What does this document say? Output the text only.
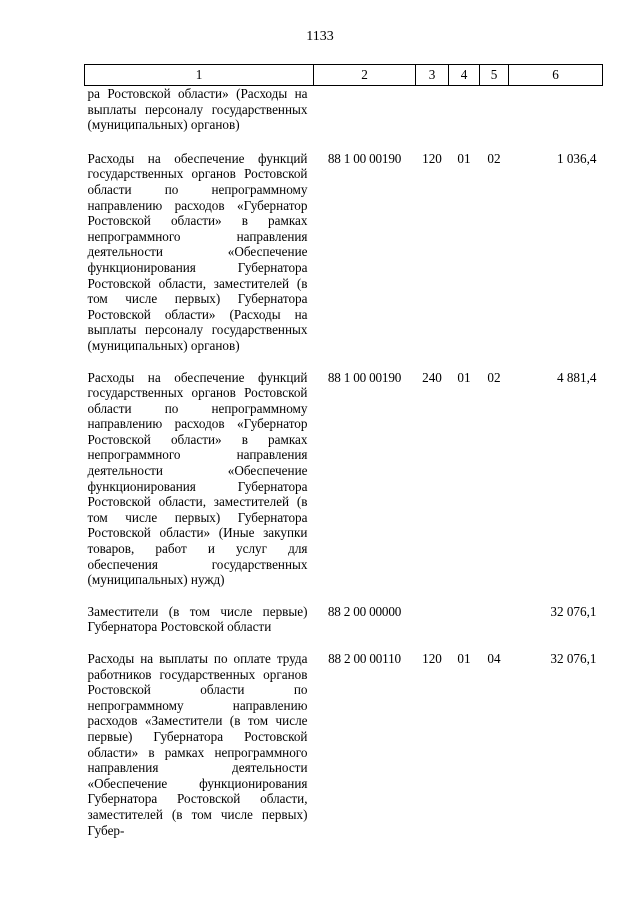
1133
1	2	3	4	5	6
ра Ростовской области» (Расходы на выплаты персоналу государственных (муниципальных) органов)					
Расходы на обеспечение функций государственных органов Ростовской области по непрограммному направлению расходов «Губернатор Ростовской области» в рамках непрограммного направления деятельности «Обеспечение функционирования Губернатора Ростовской области, заместителей (в том числе первых) Губернатора Ростовской области» (Расходы на выплаты персоналу государственных (муниципальных) органов)	88 1 00 00190	120	01	02	1 036,4
Расходы на обеспечение функций государственных органов Ростовской области по непрограммному направлению расходов «Губернатор Ростовской области» в рамках непрограммного направления деятельности «Обеспечение функционирования Губернатора Ростовской области, заместителей (в том числе первых) Губернатора Ростовской области» (Иные закупки товаров, работ и услуг для обеспечения государственных (муниципальных) нужд)	88 1 00 00190	240	01	02	4 881,4
Заместители (в том числе первые) Губернатора Ростовской области	88 2 00 00000				32 076,1
Расходы на выплаты по оплате труда работников государственных органов Ростовской области по непрограммному направлению расходов «Заместители (в том числе первые) Губернатора Ростовской области» в рамках непрограммного направления деятельности «Обеспечение функционирования Губернатора Ростовской области, заместителей (в том числе первых) Губер-	88 2 00 00110	120	01	04	32 076,1
